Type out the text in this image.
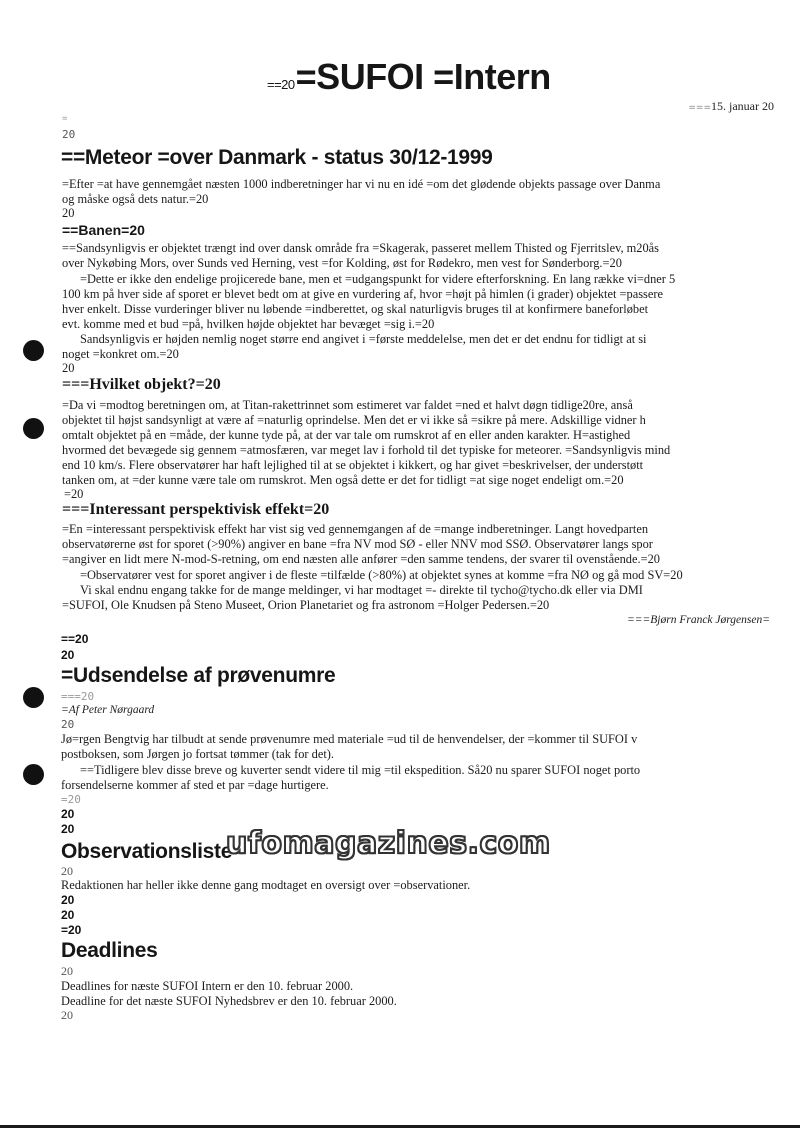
==20=SUFOI =Intern
===15. januar 20
=
20
==Meteor =over Danmark - status 30/12-1999
=Efter =at have gennemgået næsten 1000 indberetninger har vi nu en idé =om det glødende objekts passage over Danma
og måske også dets natur.=20
20
==Banen=20
==Sandsynligvis er objektet trængt ind over dansk område fra =Skagerak, passeret mellem Thisted og Fjerritslev, m20ås
over Nykøbing Mors, over Sunds ved Herning, vest =for Kolding, øst for Rødekro, men vest for Sønderborg.=20
=Dette er ikke den endelige projicerede bane, men et =udgangspunkt for videre efterforskning. En lang række vi=dner 5
100 km på hver side af sporet er blevet bedt om at give en vurdering af, hvor =højt på himlen (i grader) objektet =passere
hver enkelt. Disse vurderinger bliver nu løbende =indberettet, og skal naturligvis bruges til at konfirmere baneforløbet
evt. komme med et bud =på, hvilken højde objektet har bevæget =sig i.=20
Sandsynligvis er højden nemlig noget større end angivet i =første meddelelse, men det er det endnu for tidligt at si
noget =konkret om.=20
20
===Hvilket objekt?=20
=Da vi =modtog beretningen om, at Titan-rakettrinnet som estimeret var faldet =ned et halvt døgn tidlige20re, anså
objektet til højst sandsynligt at være af =naturlig oprindelse. Men det er vi ikke så =sikre på mere. Adskillige vidner h
omtalt objektet på en =måde, der kunne tyde på, at der var tale om rumskrot af en eller anden karakter. H=astighed
hvormed det bevægede sig gennem =atmosfæren, var meget lav i forhold til det typiske for meteorer. =Sandsynligvis mind
end 10 km/s. Flere observatører har haft lejlighed til at se objektet i kikkert, og har givet =beskrivelser, der understøtt
tanken om, at =der kunne være tale om rumskrot. Men også dette er det for tidligt =at sige noget endeligt om.=20
=20
===Interessant perspektivisk effekt=20
=En =interessant perspektivisk effekt har vist sig ved gennemgangen af de =mange indberetninger. Langt hovedparten
observatørerne øst for sporet (>90%) angiver en bane =fra NV mod SØ - eller NNV mod SSØ. Observatører langs spor
=angiver en lidt mere N-mod-S-retning, om end næsten alle anfører =den samme tendens, der svarer til ovenstående.=20
=Observatører vest for sporet angiver i de fleste =tilfælde (>80%) at objektet synes at komme =fra NØ og gå mod SV=20
Vi skal endnu engang takke for de mange meldinger, vi har modtaget =- direkte til tycho@tycho.dk eller via DMI
=SUFOI, Ole Knudsen på Steno Museet, Orion Planetariet og fra astronom =Holger Pedersen.=20
===Bjørn Franck Jørgensen=
==20
20
=Udsendelse af prøvenumre
===20
=Af Peter Nørgaard
20
Jø=rgen Bengtvig har tilbudt at sende prøvenumre med materiale =ud til de henvendelser, der =kommer til SUFOI v
postboksen, som Jørgen jo fortsat tømmer (tak for det).
==Tidligere blev disse breve og kuverter sendt videre til mig =til ekspedition. Så20 nu sparer SUFOI noget porto
forsendelserne kommer af sted et par =dage hurtigere.
=20
20
20
Observationsliste
20
Redaktionen har heller ikke denne gang modtaget en oversigt over =observationer.
20
20
=20
Deadlines
20
Deadlines for næste SUFOI Intern er den 10. februar 2000.
Deadline for det næste SUFOI Nyhedsbrev er den 10. februar 2000.
20
ufomagazines.com
